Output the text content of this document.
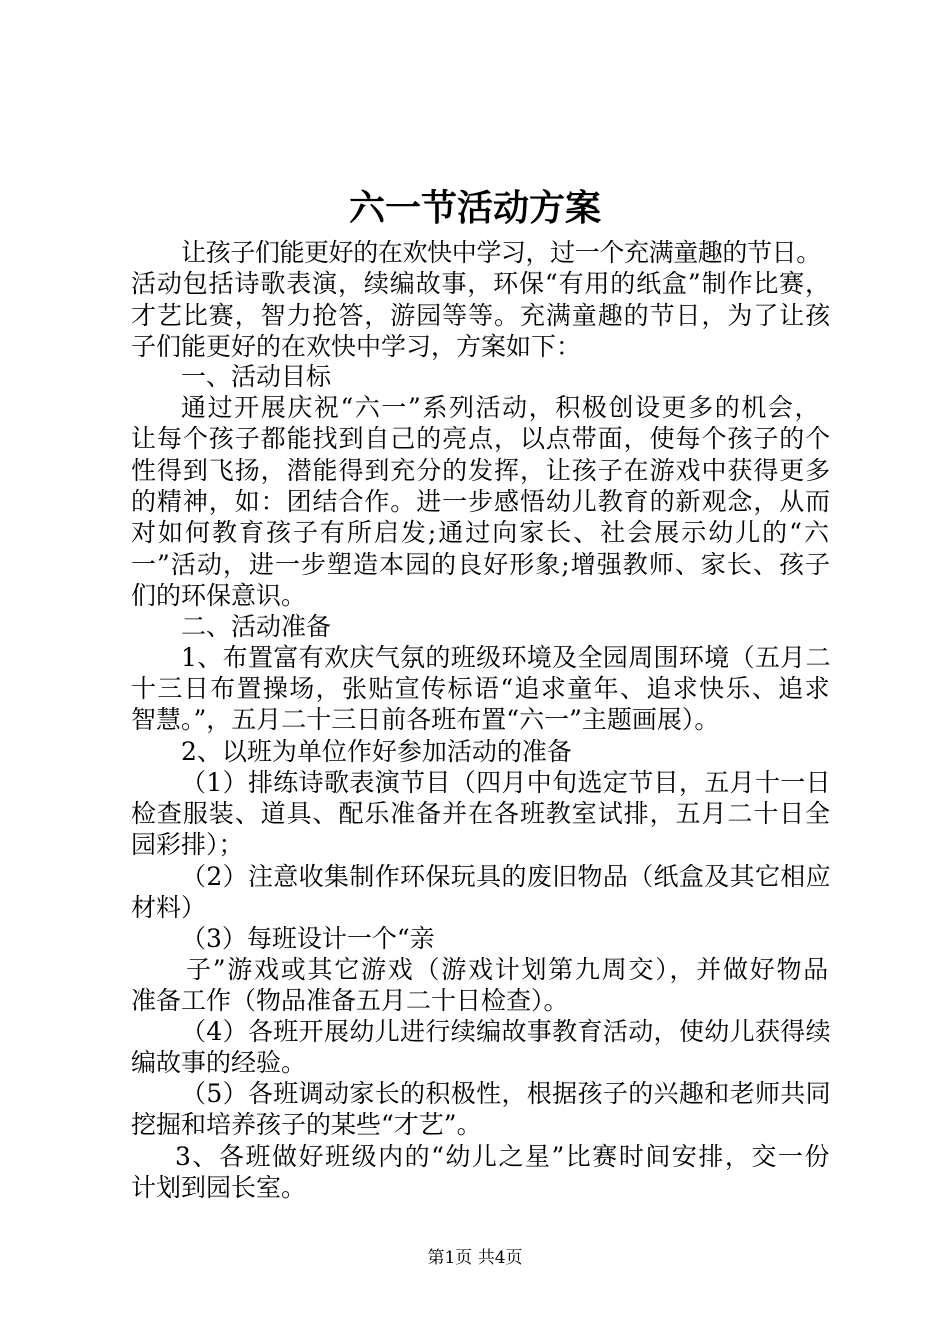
六一节活动方案
让孩子们能更好的在欢快中学习，过一个充满童趣的节日。
活动包括诗歌表演，续编故事，环保“有用的纸盒”制作比赛，
才艺比赛，智力抢答，游园等等。充满童趣的节日，为了让孩
子们能更好的在欢快中学习，方案如下：
一、活动目标
通过开展庆祝“六一”系列活动，积极创设更多的机会，
让每个孩子都能找到自己的亮点，以点带面，使每个孩子的个
性得到飞扬，潜能得到充分的发挥，让孩子在游戏中获得更多
的精神，如：团结合作。进一步感悟幼儿教育的新观念，从而
对如何教育孩子有所启发;通过向家长、社会展示幼儿的“六
一”活动，进一步塑造本园的良好形象;增强教师、家长、孩子
们的环保意识。
二、活动准备
1、布置富有欢庆气氛的班级环境及全园周围环境（五月二
十三日布置操场，张贴宣传标语“追求童年、追求快乐、追求
智慧。”，五月二十三日前各班布置“六一”主题画展）。
2、以班为单位作好参加活动的准备
（1）排练诗歌表演节目（四月中旬选定节目，五月十一日
检查服装、道具、配乐准备并在各班教室试排，五月二十日全
园彩排）；
（2）注意收集制作环保玩具的废旧物品（纸盒及其它相应
材料）
（3）每班设计一个“亲
子”游戏或其它游戏（游戏计划第九周交），并做好物品
准备工作（物品准备五月二十日检查）。
（4）各班开展幼儿进行续编故事教育活动，使幼儿获得续
编故事的经验。
（5）各班调动家长的积极性，根据孩子的兴趣和老师共同
挖掘和培养孩子的某些“才艺”。
3、各班做好班级内的“幼儿之星”比赛时间安排，交一份
计划到园长室。
第1页 共4页
